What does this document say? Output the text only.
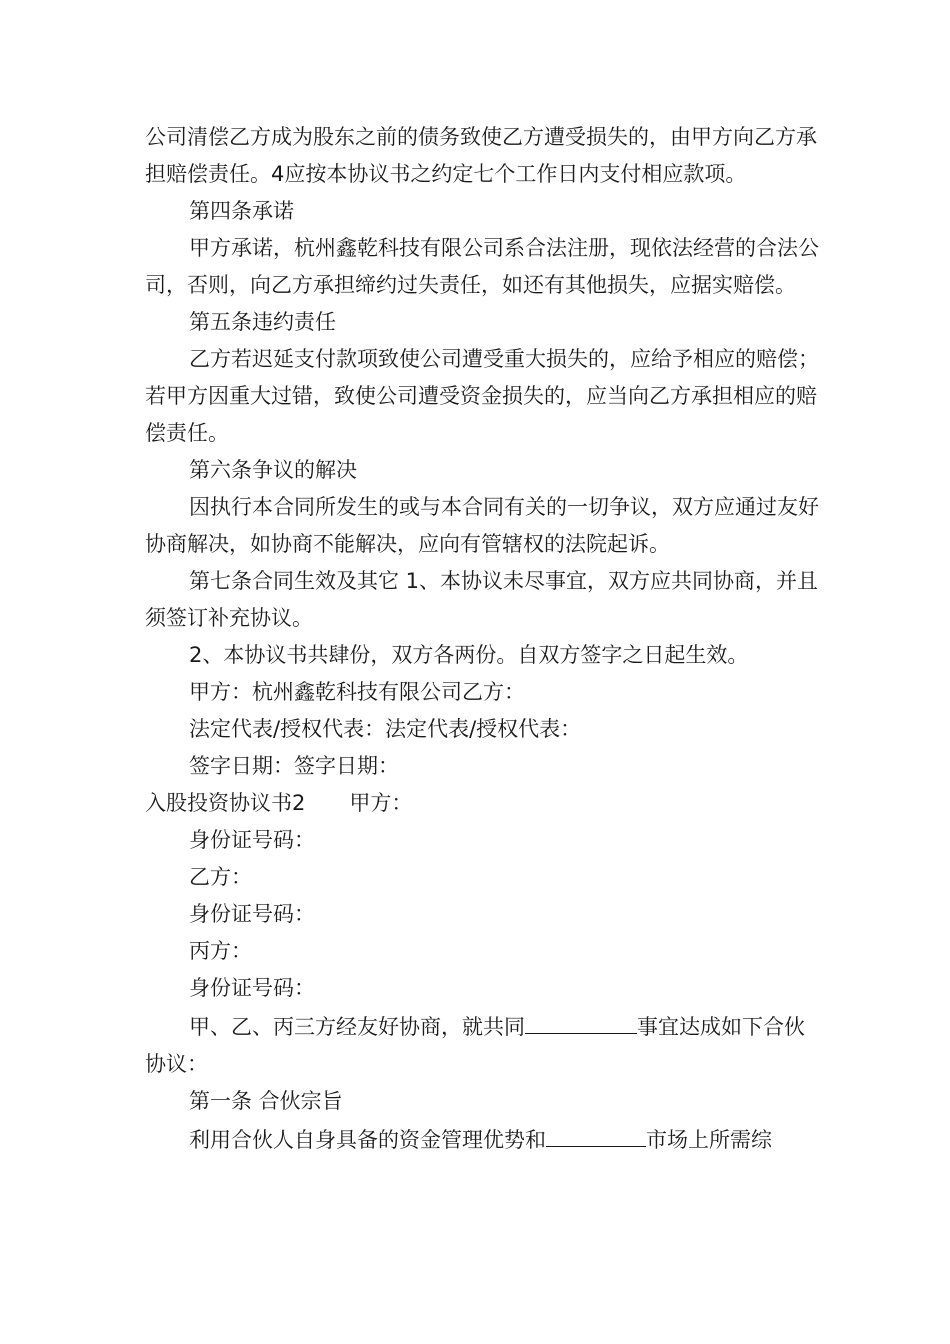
公司清偿乙方成为股东之前的债务致使乙方遭受损失的，由甲方向乙方承担赔偿责任。4应按本协议书之约定七个工作日内支付相应款项。

第四条承诺

甲方承诺，杭州鑫乾科技有限公司系合法注册，现依法经营的合法公司，否则，向乙方承担缔约过失责任，如还有其他损失，应据实赔偿。

第五条违约责任

乙方若迟延支付款项致使公司遭受重大损失的，应给予相应的赔偿；若甲方因重大过错，致使公司遭受资金损失的，应当向乙方承担相应的赔偿责任。

第六条争议的解决

因执行本合同所发生的或与本合同有关的一切争议，双方应通过友好协商解决，如协商不能解决，应向有管辖权的法院起诉。

第七条合同生效及其它 1、本协议未尽事宜，双方应共同协商，并且须签订补充协议。

2、本协议书共肆份，双方各两份。自双方签字之日起生效。

甲方：杭州鑫乾科技有限公司乙方：

法定代表/授权代表：法定代表/授权代表：

签字日期：签字日期：

入股投资协议书2 甲方：

身份证号码：

乙方：

身份证号码：

丙方：

身份证号码：

甲、乙、丙三方经友好协商，就共同	事宜达成如下合伙协议：

第一条 合伙宗旨

利用合伙人自身具备的资金管理优势和	市场上所需综
